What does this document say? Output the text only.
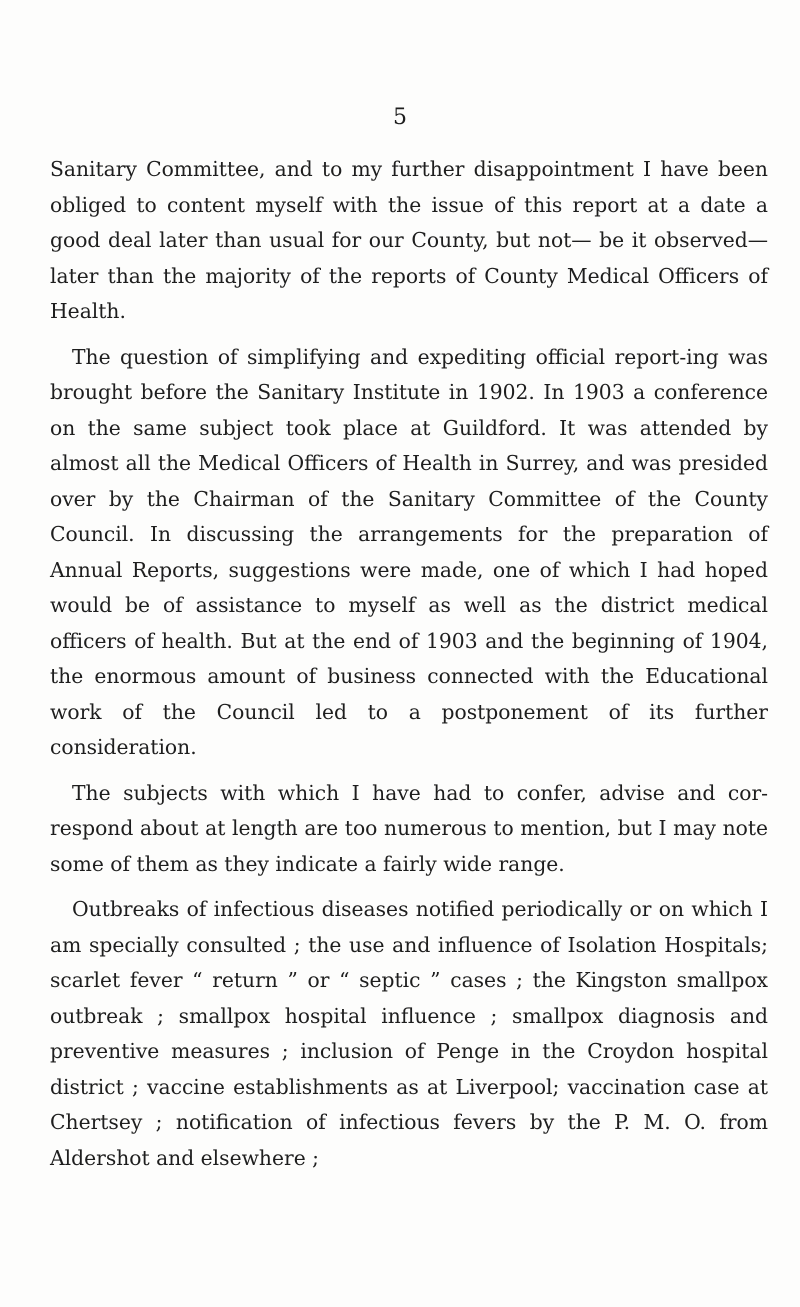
5

Sanitary Committee, and to my further disappointment I have been obliged to content myself with the issue of this report at a date a good deal later than usual for our County, but not— be it observed—later than the majority of the reports of County Medical Officers of Health.

The question of simplifying and expediting official report-ing was brought before the Sanitary Institute in 1902. In 1903 a conference on the same subject took place at Guildford. It was attended by almost all the Medical Officers of Health in Surrey, and was presided over by the Chairman of the Sanitary Committee of the County Council. In discussing the arrangements for the preparation of Annual Reports, suggestions were made, one of which I had hoped would be of assistance to myself as well as the district medical officers of health. But at the end of 1903 and the beginning of 1904, the enormous amount of business connected with the Educational work of the Council led to a postponement of its further consideration.

The subjects with which I have had to confer, advise and cor-respond about at length are too numerous to mention, but I may note some of them as they indicate a fairly wide range.

Outbreaks of infectious diseases notified periodically or on which I am specially consulted ; the use and influence of Isolation Hospitals; scarlet fever “ return ” or “ septic ” cases ; the Kingston smallpox outbreak ; smallpox hospital influence ; smallpox diagnosis and preventive measures ; inclusion of Penge in the Croydon hospital district ; vaccine establishments as at Liverpool; vaccination case at Chertsey ; notification of infectious fevers by the P. M. O. from Aldershot and elsewhere ;
